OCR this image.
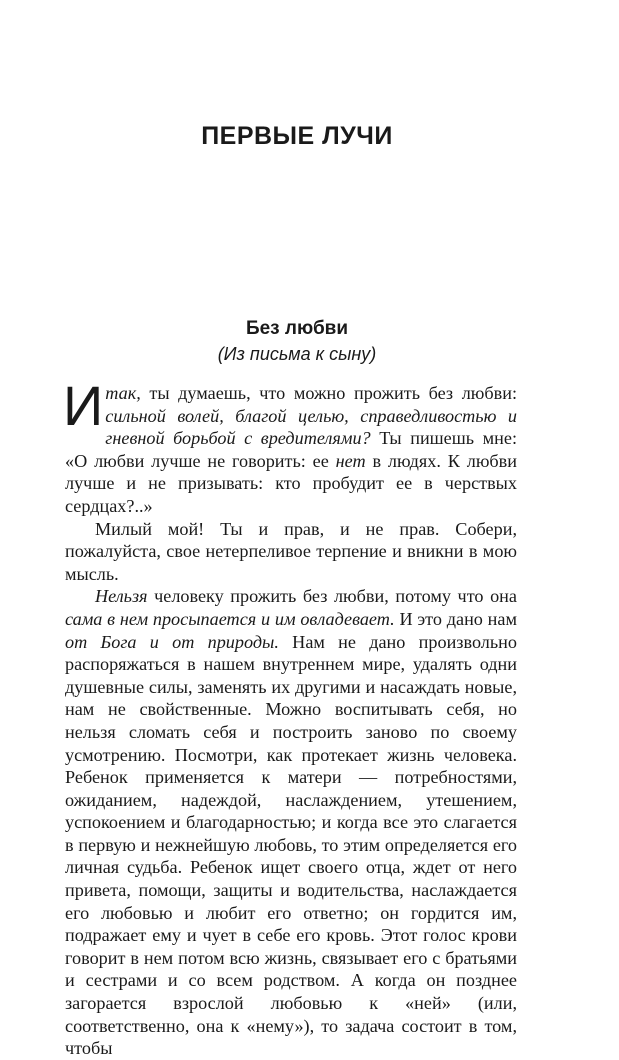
ПЕРВЫЕ ЛУЧИ
Без любви
(Из письма к сыну)

Итак, ты думаешь, что можно прожить без любви: сильной волей, благой целью, справедливостью и гневной борьбой с вредителями? Ты пишешь мне: «О любви лучше не говорить: ее нет в людях. К любви лучше и не призывать: кто пробудит ее в черствых сердцах?..»

Милый мой! Ты и прав, и не прав. Собери, пожалуйста, свое нетерпеливое терпение и вникни в мою мысль.

Нельзя человеку прожить без любви, потому что она сама в нем просыпается и им овладевает. И это дано нам от Бога и от природы. Нам не дано произвольно распоряжаться в нашем внутреннем мире, удалять одни душевные силы, заменять их другими и насаждать новые, нам не свойственные. Можно воспитывать себя, но нельзя сломать себя и построить заново по своему усмотрению. Посмотри, как протекает жизнь человека. Ребенок применяется к матери — потребностями, ожиданием, надеждой, наслаждением, утешением, успокоением и благодарностью; и когда все это слагается в первую и нежнейшую любовь, то этим определяется его личная судьба. Ребенок ищет своего отца, ждет от него привета, помощи, защиты и водительства, наслаждается его любовью и любит его ответно; он гордится им, подражает ему и чует в себе его кровь. Этот голос крови говорит в нем потом всю жизнь, связывает его с братьями и сестрами и со всем родством. А когда он позднее загорается взрослой любовью к «ней» (или, соответственно, она к «нему»), то задача состоит в том, чтобы
